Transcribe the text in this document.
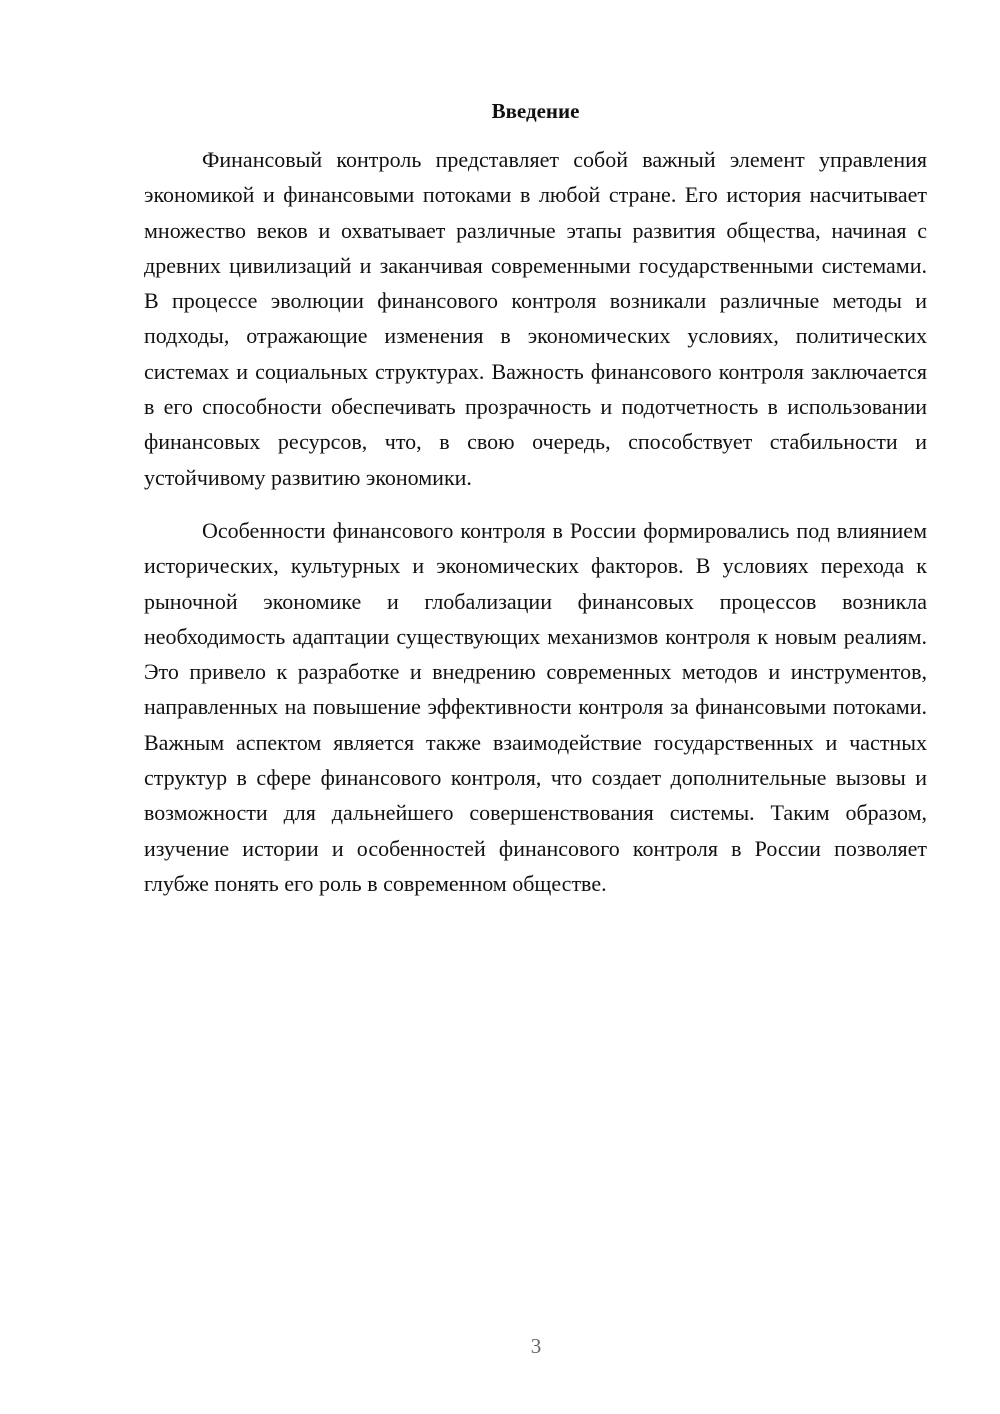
Введение

Финансовый контроль представляет собой важный элемент управления экономикой и финансовыми потоками в любой стране. Его история насчитывает множество веков и охватывает различные этапы развития общества, начиная с древних цивилизаций и заканчивая современными государственными системами. В процессе эволюции финансового контроля возникали различные методы и подходы, отражающие изменения в экономических условиях, политических системах и социальных структурах. Важность финансового контроля заключается в его способности обеспечивать прозрачность и подотчетность в использовании финансовых ресурсов, что, в свою очередь, способствует стабильности и устойчивому развитию экономики.

Особенности финансового контроля в России формировались под влиянием исторических, культурных и экономических факторов. В условиях перехода к рыночной экономике и глобализации финансовых процессов возникла необходимость адаптации существующих механизмов контроля к новым реалиям. Это привело к разработке и внедрению современных методов и инструментов, направленных на повышение эффективности контроля за финансовыми потоками. Важным аспектом является также взаимодействие государственных и частных структур в сфере финансового контроля, что создает дополнительные вызовы и возможности для дальнейшего совершенствования системы. Таким образом, изучение истории и особенностей финансового контроля в России позволяет глубже понять его роль в современном обществе.

3
